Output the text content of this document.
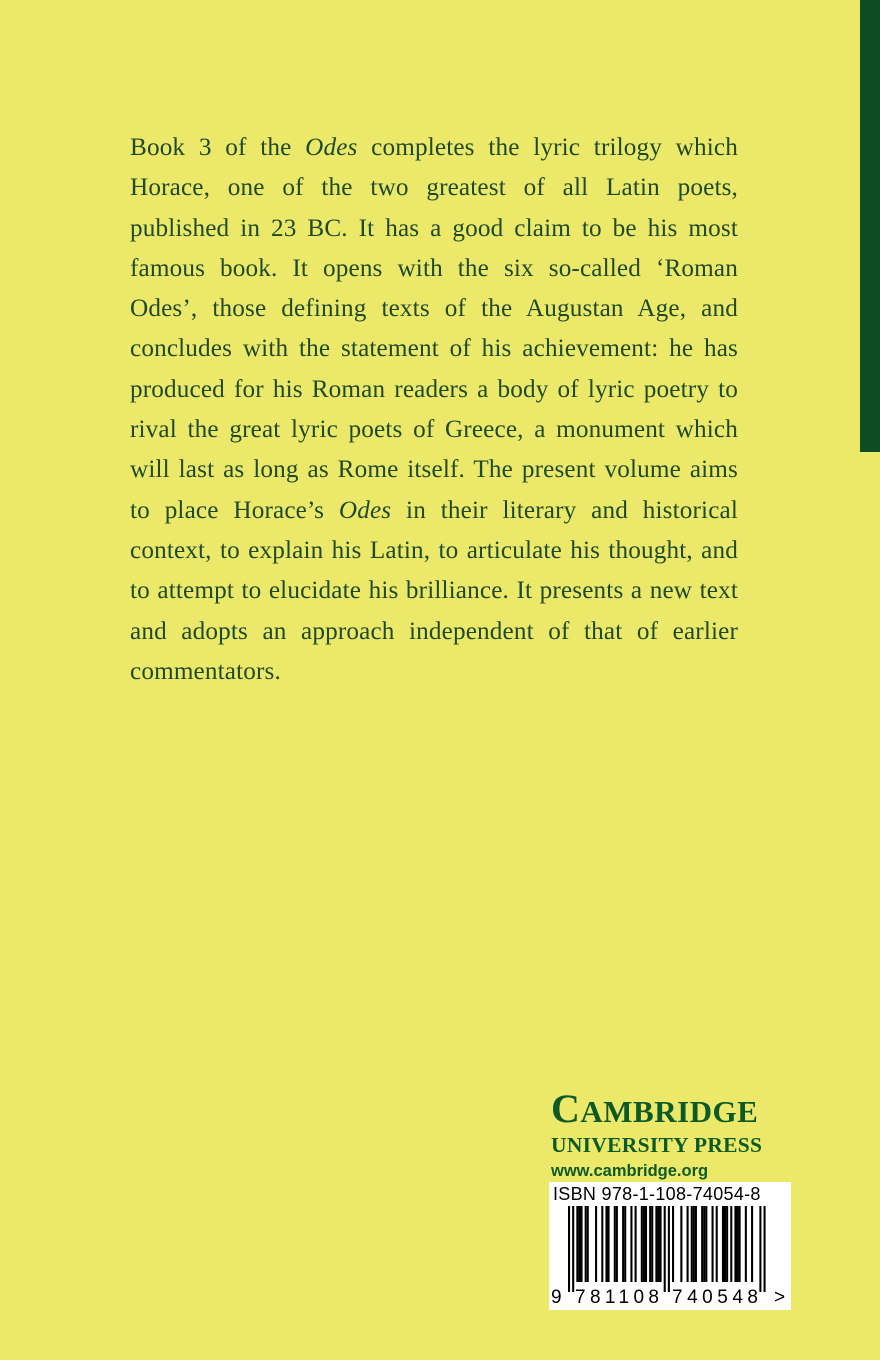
Book 3 of the Odes completes the lyric trilogy which Horace, one of the two greatest of all Latin poets, published in 23 BC. It has a good claim to be his most famous book. It opens with the six so-called ‘Roman Odes’, those defining texts of the Augustan Age, and concludes with the statement of his achievement: he has produced for his Roman readers a body of lyric poetry to rival the great lyric poets of Greece, a monument which will last as long as Rome itself. The present volume aims to place Horace’s Odes in their literary and historical context, to explain his Latin, to articulate his thought, and to attempt to elucidate his brilliance. It presents a new text and adopts an approach independent of that of earlier commentators.

CAMBRIDGE
UNIVERSITY PRESS
www.cambridge.org
ISBN 978-1-108-74054-8
9 781108 740548 >
